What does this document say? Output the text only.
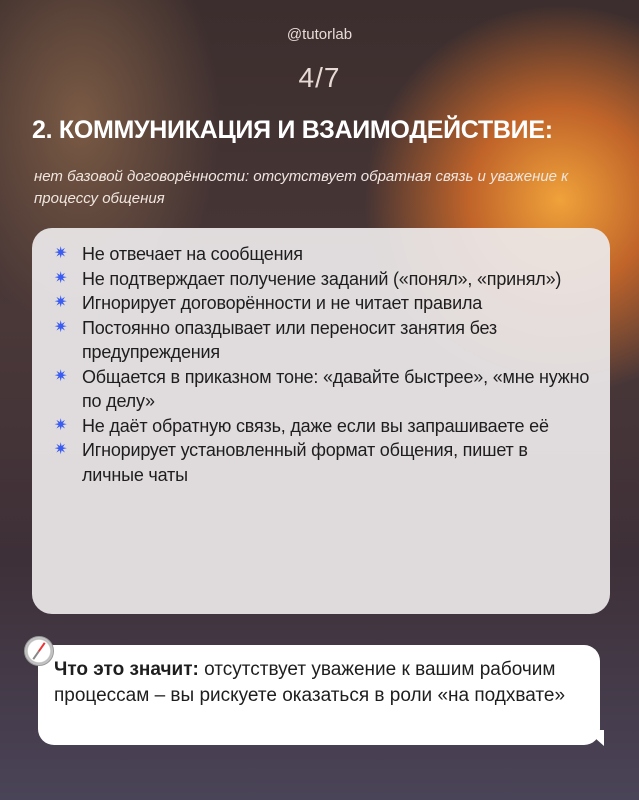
@tutorlab
4/7
2. КОММУНИКАЦИЯ И ВЗАИМОДЕЙСТВИЕ:
нет базовой договорённости: отсутствует обратная связь и уважение к процессу общения
✷ Не отвечает на сообщения
✷ Не подтверждает получение заданий («понял», «принял»)
✷ Игнорирует договорённости и не читает правила
✷ Постоянно опаздывает или переносит занятия без предупреждения
✷ Общается в приказном тоне: «давайте быстрее», «мне нужно по делу»
✷ Не даёт обратную связь, даже если вы запрашиваете её
✷ Игнорирует установленный формат общения, пишет в личные чаты
Что это значит: отсутствует уважение к вашим рабочим процессам – вы рискуете оказаться в роли «на подхвате»
